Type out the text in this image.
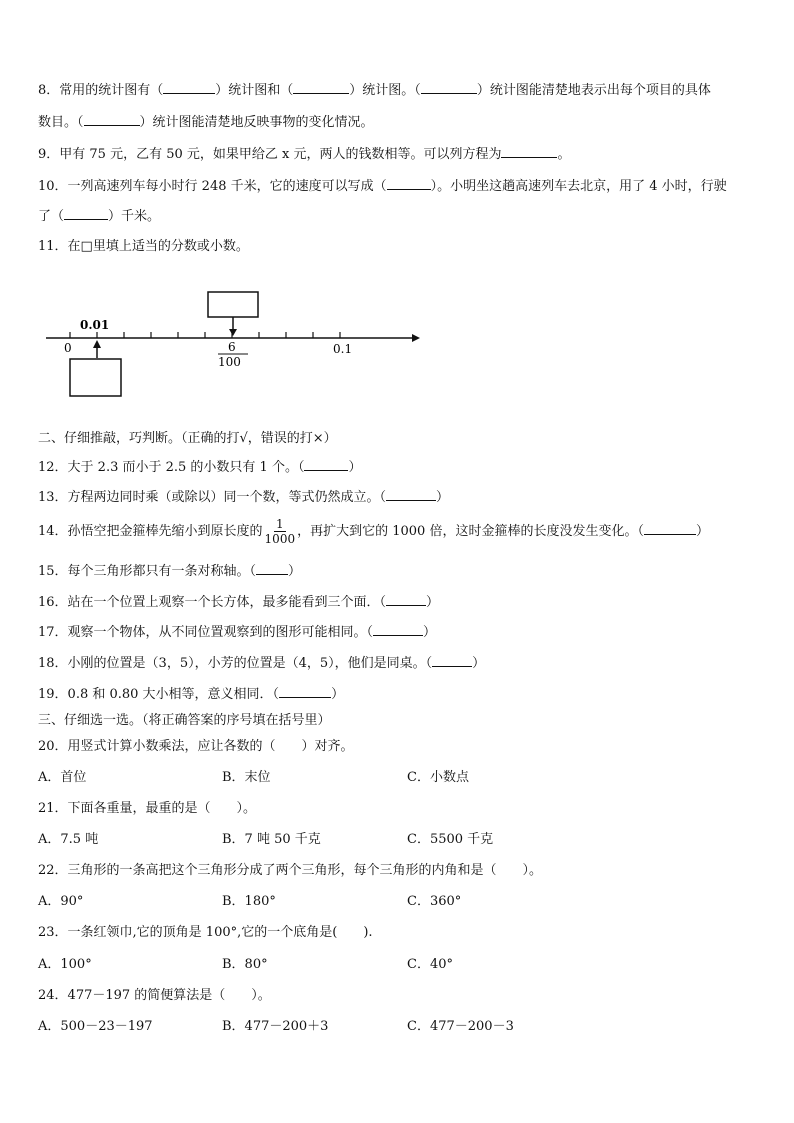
8．常用的统计图有（	）统计图和（	）统计图。（	）统计图能清楚地表示出每个项目的具体
数目。（	）统计图能清楚地反映事物的变化情况。
9．甲有 75 元，乙有 50 元，如果甲给乙 x 元，两人的钱数相等。可以列方程为	。
10．一列高速列车每小时行 248 千米，它的速度可以写成（	）。小明坐这趟高速列车去北京，用了 4 小时，行驶
了（	）千米。
11．在□里填上适当的分数或小数。
0.01
0	6
100
0.1
二、仔细推敲，巧判断。（正确的打√，错误的打×）
12．大于 2.3 而小于 2.5 的小数只有 1 个。（	）
13．方程两边同时乘（或除以）同一个数，等式仍然成立。（	）
14．孙悟空把金箍棒先缩小到原长度的 $\frac{1}{1000}$ ，再扩大到它的 1000 倍，这时金箍棒的长度没发生变化。（	）
15．每个三角形都只有一条对称轴。（ ）
16．站在一个位置上观察一个长方体，最多能看到三个面．（	）
17．观察一个物体，从不同位置观察到的图形可能相同。（	）
18．小刚的位置是（3，5），小芳的位置是（4，5），他们是同桌。（	）
19．0.8 和 0.80 大小相等，意义相同．（	）
三、仔细选一选。（将正确答案的序号填在括号里）
20．用竖式计算小数乘法，应让各数的（　　）对齐。
A．首位	B．末位	C．小数点
21．下面各重量，最重的是（　　）。
A．7.5 吨	B．7 吨 50 千克	C．5500 千克
22．三角形的一条高把这个三角形分成了两个三角形，每个三角形的内角和是（　　）。
A．90°	B．180°	C．360°
23．一条红领巾,它的顶角是 100°,它的一个底角是(　　).
A．100°	B．80°	C．40°
24．477－197 的简便算法是（　　）。
A．500－23－197	B．477－200＋3	C．477－200－3
